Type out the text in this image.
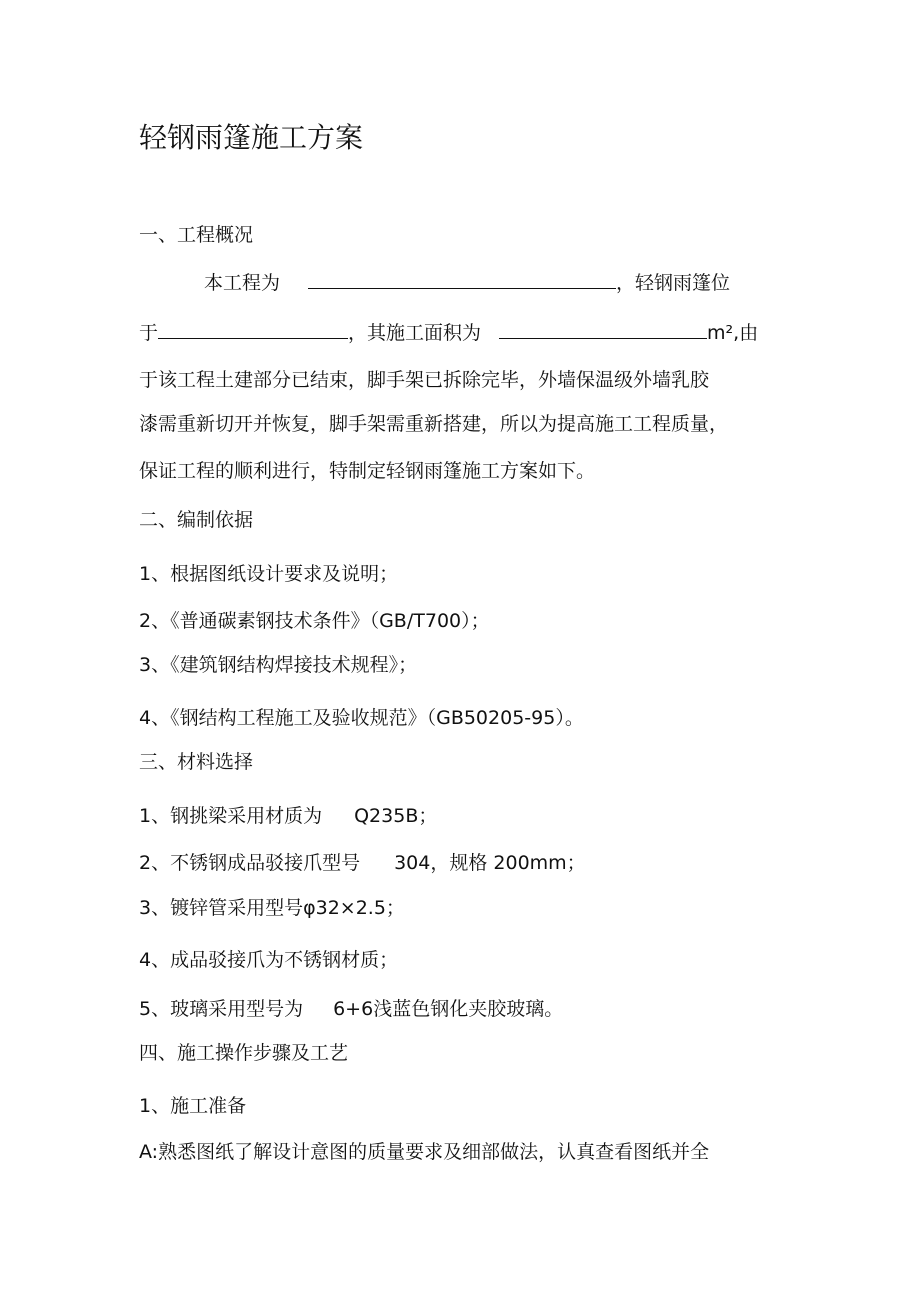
轻钢雨篷施工方案
一、工程概况
本工程为	，轻钢雨篷位
于	，其施工面积为	m²,由
于该工程土建部分已结束，脚手架已拆除完毕，外墙保温级外墙乳胶
漆需重新切开并恢复，脚手架需重新搭建，所以为提高施工工程质量，
保证工程的顺利进行，特制定轻钢雨篷施工方案如下。
二、编制依据
1、根据图纸设计要求及说明；
2、《普通碳素钢技术条件》（GB/T700）；
3、《建筑钢结构焊接技术规程》；
4、《钢结构工程施工及验收规范》（GB50205-95）。
三、材料选择
1、钢挑梁采用材质为 Q235B；
2、不锈钢成品驳接爪型号 304，规格 200mm；
3、镀锌管采用型号φ32×2.5；
4、成品驳接爪为不锈钢材质；
5、玻璃采用型号为 6+6浅蓝色钢化夹胶玻璃。
四、施工操作步骤及工艺
1、施工准备
A:熟悉图纸了解设计意图的质量要求及细部做法，认真查看图纸并全
